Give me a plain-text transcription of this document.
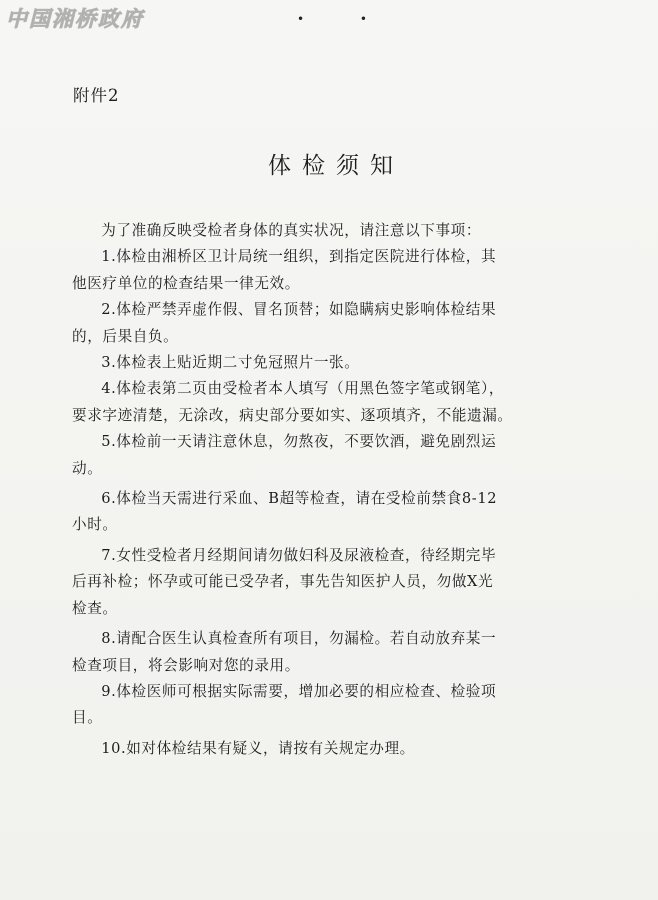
中国湘桥政府	• •
附件2
体检须知
为了准确反映受检者身体的真实状况，请注意以下事项：
1.体检由湘桥区卫计局统一组织，到指定医院进行体检，其
他医疗单位的检查结果一律无效。
2.体检严禁弄虚作假、冒名顶替；如隐瞒病史影响体检结果
的，后果自负。
3.体检表上贴近期二寸免冠照片一张。
4.体检表第二页由受检者本人填写（用黑色签字笔或钢笔），
要求字迹清楚，无涂改，病史部分要如实、逐项填齐，不能遗漏。
5.体检前一天请注意休息，勿熬夜，不要饮酒，避免剧烈运
动。
6.体检当天需进行采血、B超等检查，请在受检前禁食8-12
小时。
7.女性受检者月经期间请勿做妇科及尿液检查，待经期完毕
后再补检；怀孕或可能已受孕者，事先告知医护人员，勿做X光
检查。
8.请配合医生认真检查所有项目，勿漏检。若自动放弃某一
检查项目，将会影响对您的录用。
9.体检医师可根据实际需要，增加必要的相应检查、检验项
目。
10.如对体检结果有疑义，请按有关规定办理。
